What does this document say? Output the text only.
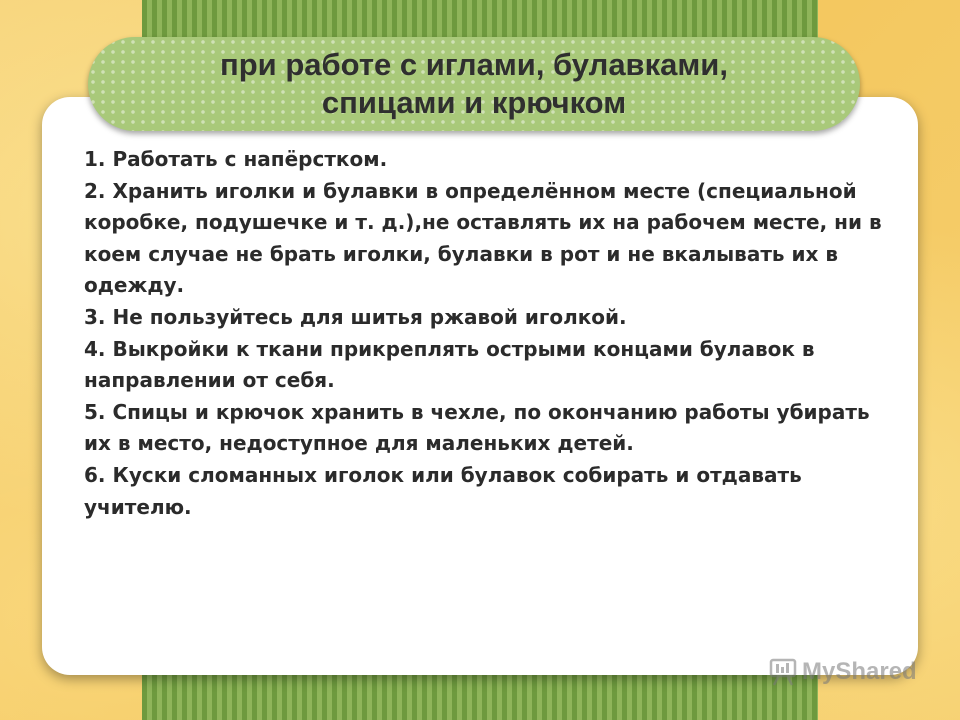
при работе с иглами, булавками,
спицами и крючком

1. Работать с напёрстком.

2. Хранить иголки и булавки в определённом месте (специальной коробке, подушечке и т. д.),не оставлять их на рабочем месте, ни в коем случае не брать иголки, булавки в рот и не вкалывать их в одежду.

3. Не пользуйтесь для шитья ржавой иголкой.

4. Выкройки к ткани прикреплять острыми концами булавок в направлении от себя.

5. Спицы и крючок хранить в чехле, по окончанию работы убирать их в место, недоступное для маленьких детей.

6. Куски сломанных иголок или булавок собирать и отдавать учителю.

MyShared
